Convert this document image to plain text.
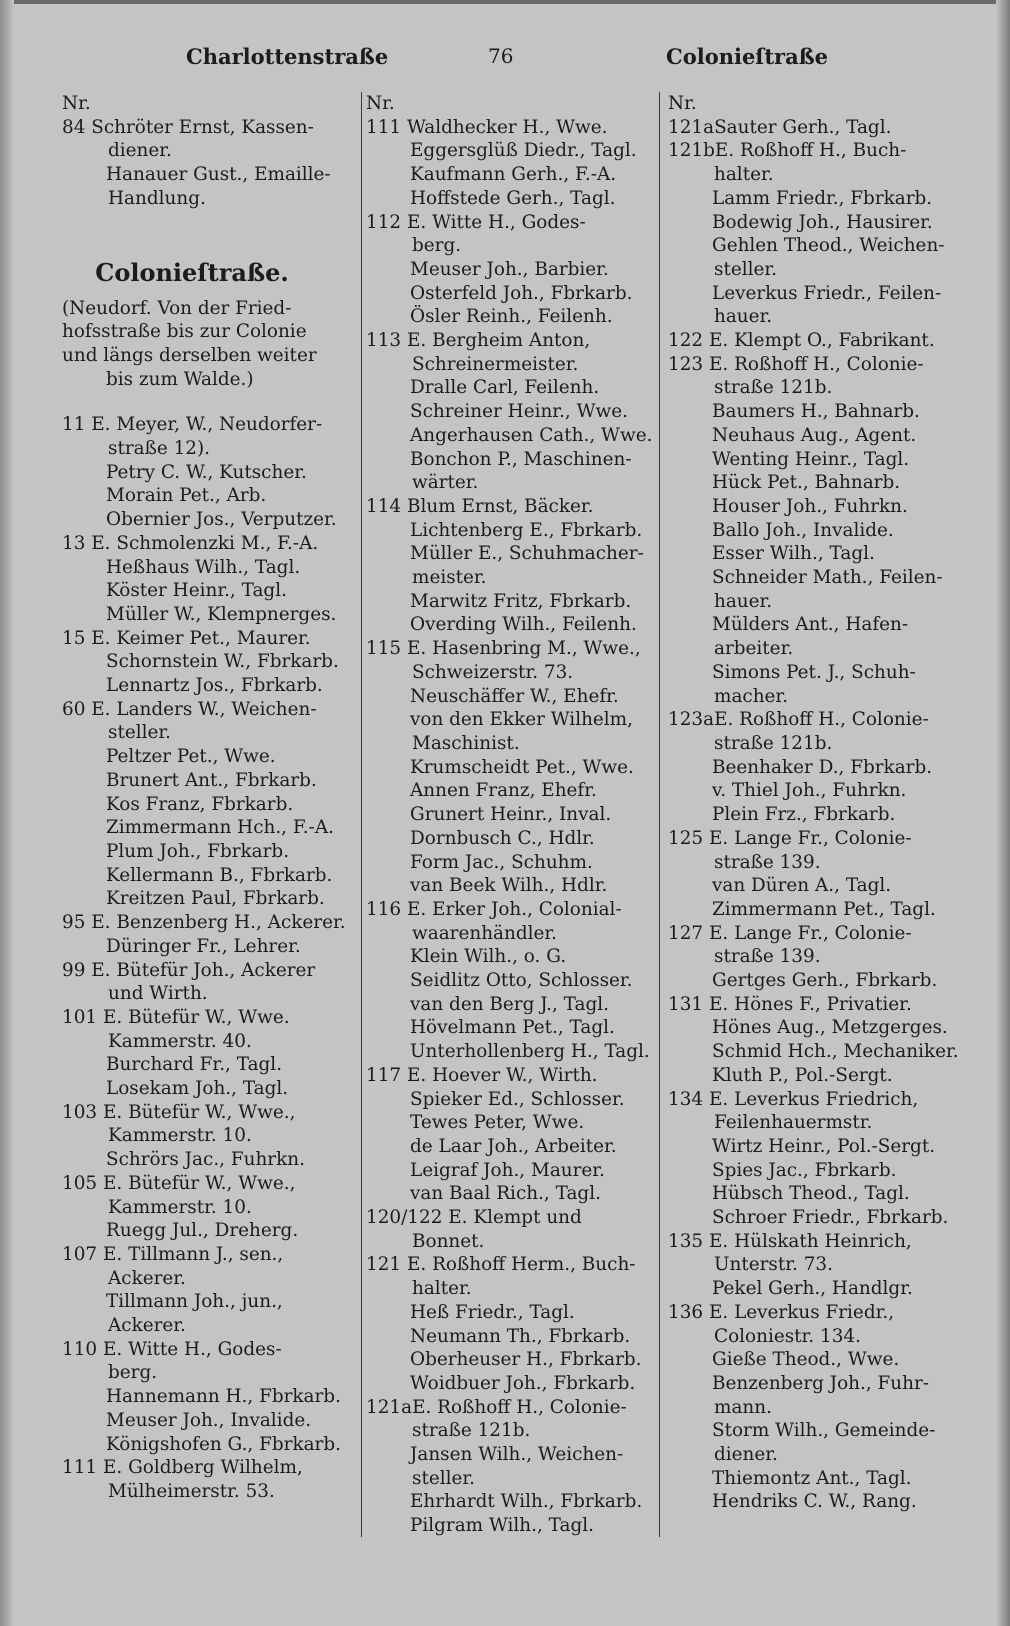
Charlottenstraße	76	Colonieſtraße
Nr.
84 Schröter Ernst, Kassen-
diener.
Hanauer Gust., Emaille-
Handlung.
Colonieſtraße.
(Neudorf. Von der Fried-
hofsstraße bis zur Colonie
und längs derselben weiter
bis zum Walde.)
11 E. Meyer, W., Neudorfer-
straße 12).
Petry C. W., Kutscher.
Morain Pet., Arb.
Obernier Jos., Verputzer.
13 E. Schmolenzki M., F.-A.
Heßhaus Wilh., Tagl.
Köster Heinr., Tagl.
Müller W., Klempnerges.
15 E. Keimer Pet., Maurer.
Schornstein W., Fbrkarb.
Lennartz Jos., Fbrkarb.
60 E. Landers W., Weichen-
steller.
Peltzer Pet., Wwe.
Brunert Ant., Fbrkarb.
Kos Franz, Fbrkarb.
Zimmermann Hch., F.-A.
Plum Joh., Fbrkarb.
Kellermann B., Fbrkarb.
Kreitzen Paul, Fbrkarb.
95 E. Benzenberg H., Ackerer.
Düringer Fr., Lehrer.
99 E. Bütefür Joh., Ackerer
und Wirth.
101 E. Bütefür W., Wwe.
Kammerstr. 40.
Burchard Fr., Tagl.
Losekam Joh., Tagl.
103 E. Bütefür W., Wwe.,
Kammerstr. 10.
Schrörs Jac., Fuhrkn.
105 E. Bütefür W., Wwe.,
Kammerstr. 10.
Ruegg Jul., Dreherg.
107 E. Tillmann J., sen.,
Ackerer.
Tillmann Joh., jun.,
Ackerer.
110 E. Witte H., Godes-
berg.
Hannemann H., Fbrkarb.
Meuser Joh., Invalide.
Königshofen G., Fbrkarb.
111 E. Goldberg Wilhelm,
Mülheimerstr. 53.
Nr.
111 Waldhecker H., Wwe.
Eggersglüß Diedr., Tagl.
Kaufmann Gerh., F.-A.
Hoffstede Gerh., Tagl.
112 E. Witte H., Godes-
berg.
Meuser Joh., Barbier.
Osterfeld Joh., Fbrkarb.
Ösler Reinh., Feilenh.
113 E. Bergheim Anton,
Schreinermeister.
Dralle Carl, Feilenh.
Schreiner Heinr., Wwe.
Angerhausen Cath., Wwe.
Bonchon P., Maschinen-
wärter.
114 Blum Ernst, Bäcker.
Lichtenberg E., Fbrkarb.
Müller E., Schuhmacher-
meister.
Marwitz Fritz, Fbrkarb.
Overding Wilh., Feilenh.
115 E. Hasenbring M., Wwe.,
Schweizerstr. 73.
Neuschäffer W., Ehefr.
von den Ekker Wilhelm,
Maschinist.
Krumscheidt Pet., Wwe.
Annen Franz, Ehefr.
Grunert Heinr., Inval.
Dornbusch C., Hdlr.
Form Jac., Schuhm.
van Beek Wilh., Hdlr.
116 E. Erker Joh., Colonial-
waarenhändler.
Klein Wilh., o. G.
Seidlitz Otto, Schlosser.
van den Berg J., Tagl.
Hövelmann Pet., Tagl.
Unterhollenberg H., Tagl.
117 E. Hoever W., Wirth.
Spieker Ed., Schlosser.
Tewes Peter, Wwe.
de Laar Joh., Arbeiter.
Leigraf Joh., Maurer.
van Baal Rich., Tagl.
120/122 E. Klempt und
Bonnet.
121 E. Roßhoff Herm., Buch-
halter.
Heß Friedr., Tagl.
Neumann Th., Fbrkarb.
Oberheuser H., Fbrkarb.
Woidbuer Joh., Fbrkarb.
121aE. Roßhoff H., Colonie-
straße 121b.
Jansen Wilh., Weichen-
steller.
Ehrhardt Wilh., Fbrkarb.
Pilgram Wilh., Tagl.
Nr.
121aSauter Gerh., Tagl.
121bE. Roßhoff H., Buch-
halter.
Lamm Friedr., Fbrkarb.
Bodewig Joh., Hausirer.
Gehlen Theod., Weichen-
steller.
Leverkus Friedr., Feilen-
hauer.
122 E. Klempt O., Fabrikant.
123 E. Roßhoff H., Colonie-
straße 121b.
Baumers H., Bahnarb.
Neuhaus Aug., Agent.
Wenting Heinr., Tagl.
Hück Pet., Bahnarb.
Houser Joh., Fuhrkn.
Ballo Joh., Invalide.
Esser Wilh., Tagl.
Schneider Math., Feilen-
hauer.
Mülders Ant., Hafen-
arbeiter.
Simons Pet. J., Schuh-
macher.
123aE. Roßhoff H., Colonie-
straße 121b.
Beenhaker D., Fbrkarb.
v. Thiel Joh., Fuhrkn.
Plein Frz., Fbrkarb.
125 E. Lange Fr., Colonie-
straße 139.
van Düren A., Tagl.
Zimmermann Pet., Tagl.
127 E. Lange Fr., Colonie-
straße 139.
Gertges Gerh., Fbrkarb.
131 E. Hönes F., Privatier.
Hönes Aug., Metzgerges.
Schmid Hch., Mechaniker.
Kluth P., Pol.-Sergt.
134 E. Leverkus Friedrich,
Feilenhauermstr.
Wirtz Heinr., Pol.-Sergt.
Spies Jac., Fbrkarb.
Hübsch Theod., Tagl.
Schroer Friedr., Fbrkarb.
135 E. Hülskath Heinrich,
Unterstr. 73.
Pekel Gerh., Handlgr.
136 E. Leverkus Friedr.,
Coloniestr. 134.
Gieße Theod., Wwe.
Benzenberg Joh., Fuhr-
mann.
Storm Wilh., Gemeinde-
diener.
Thiemontz Ant., Tagl.
Hendriks C. W., Rang.
